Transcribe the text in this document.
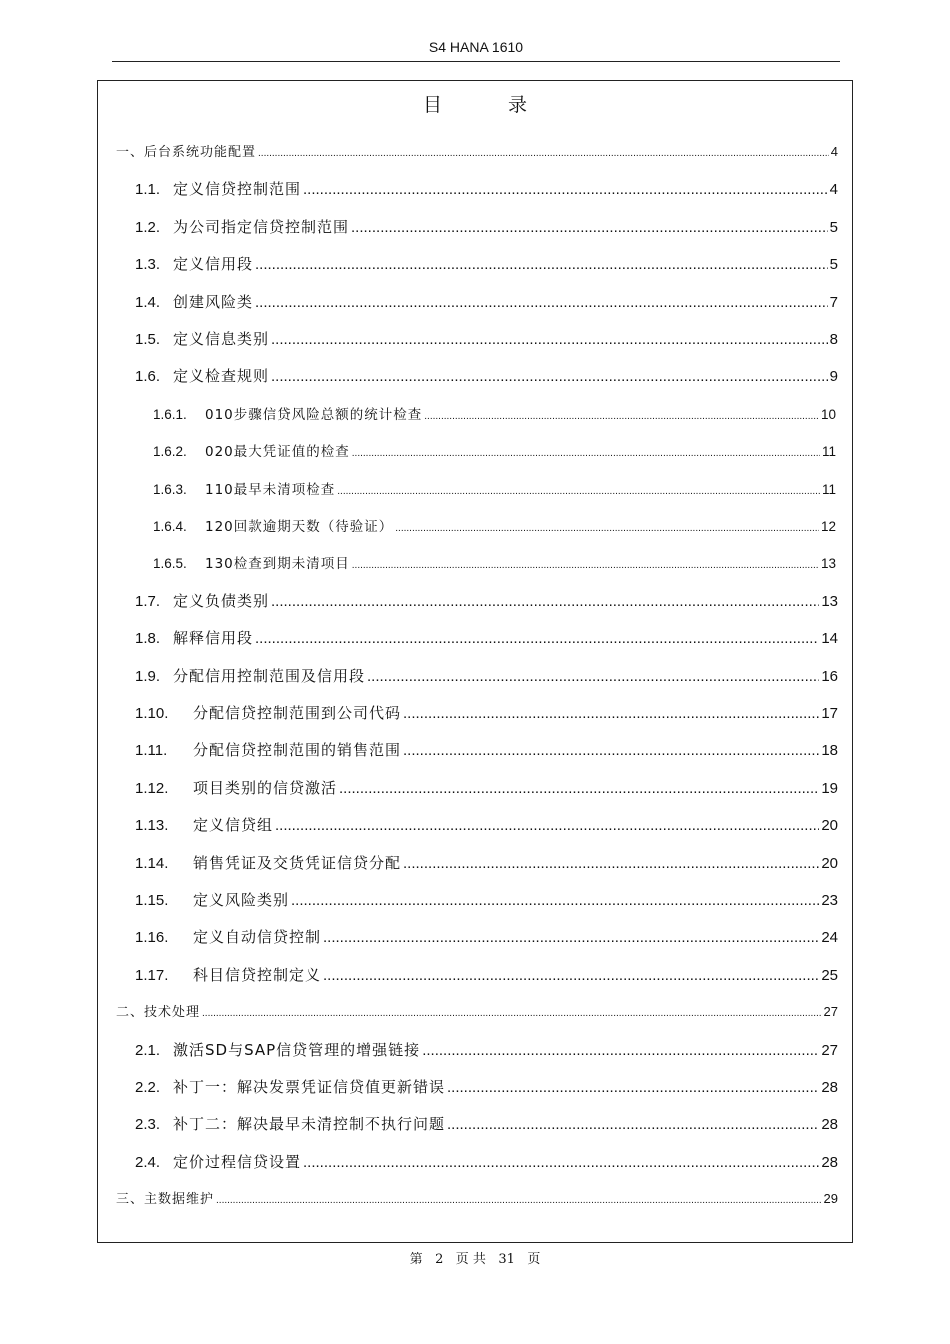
S4 HANA 1610
目 录
一、后台系统功能配置 .....	4
1.1. 定义信贷控制范围 .....	4
1.2. 为公司指定信贷控制范围 .....	5
1.3. 定义信用段 .....	5
1.4. 创建风险类 .....	7
1.5. 定义信息类别 .....	8
1.6. 定义检查规则 .....	9
1.6.1.	010步骤信贷风险总额的统计检查 .....	10
1.6.2.	020最大凭证值的检查 .....	11
1.6.3.	110最早未清项检查 .....	11
1.6.4.	120回款逾期天数（待验证） .....	12
1.6.5.	130检查到期未清项目 .....	13
1.7. 定义负债类别 .....	13
1.8. 解释信用段 .....	14
1.9. 分配信用控制范围及信用段 .....	16
1.10.	分配信贷控制范围到公司代码 .....	17
1.11.	分配信贷控制范围的销售范围 .....	18
1.12.	项目类别的信贷激活 .....	19
1.13.	定义信贷组 .....	20
1.14.	销售凭证及交货凭证信贷分配 .....	20
1.15.	定义风险类别 .....	23
1.16.	定义自动信贷控制 .....	24
1.17.	科目信贷控制定义 .....	25
二、技术处理 .....	27
2.1. 激活SD与SAP信贷管理的增强链接 .....	27
2.2. 补丁一：解决发票凭证信贷值更新错误 .....	28
2.3. 补丁二：解决最早未清控制不执行问题 .....	28
2.4. 定价过程信贷设置 .....	28
三、主数据维护 .....	29
第 2 页 共 31 页
